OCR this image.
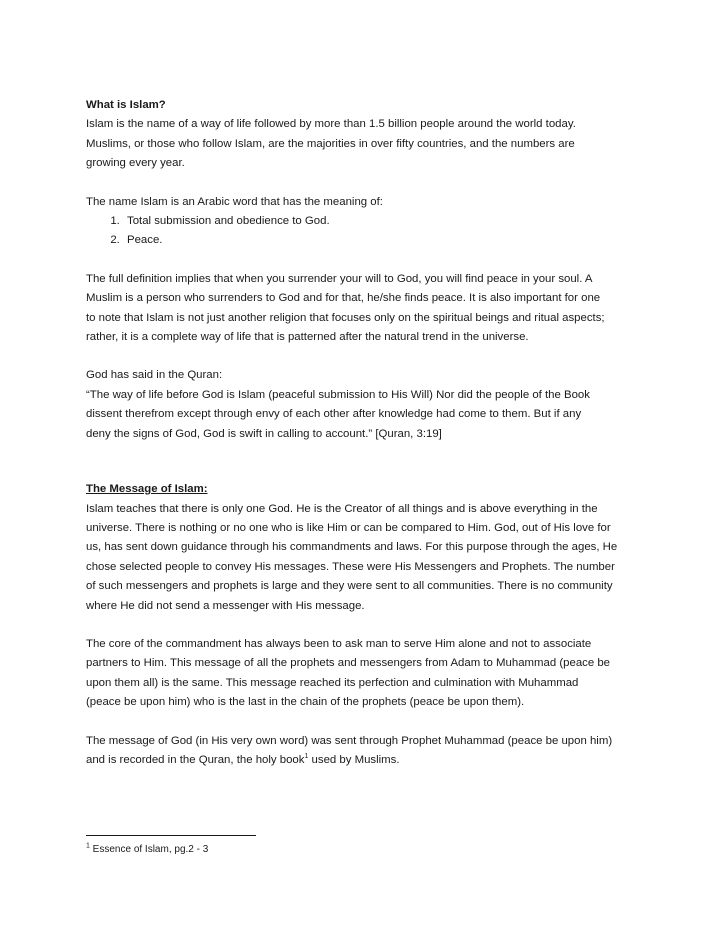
What is Islam?

Islam is the name of a way of life followed by more than 1.5 billion people around the world today.

Muslims, or those who follow Islam, are the majorities in over fifty countries, and the numbers are

growing every year.

The name Islam is an Arabic word that has the meaning of:

1. Total submission and obedience to God.
2. Peace.

The full definition implies that when you surrender your will to God, you will find peace in your soul. A

Muslim is a person who surrenders to God and for that, he/she finds peace. It is also important for one

to note that Islam is not just another religion that focuses only on the spiritual beings and ritual aspects;

rather, it is a complete way of life that is patterned after the natural trend in the universe.

God has said in the Quran:

“The way of life before God is Islam (peaceful submission to His Will) Nor did the people of the Book

dissent therefrom except through envy of each other after knowledge had come to them. But if any

deny the signs of God, God is swift in calling to account.” [Quran, 3:19]

The Message of Islam:

Islam teaches that there is only one God. He is the Creator of all things and is above everything in the

universe. There is nothing or no one who is like Him or can be compared to Him. God, out of His love for

us, has sent down guidance through his commandments and laws. For this purpose through the ages, He

chose selected people to convey His messages. These were His Messengers and Prophets. The number

of such messengers and prophets is large and they were sent to all communities. There is no community

where He did not send a messenger with His message.

The core of the commandment has always been to ask man to serve Him alone and not to associate

partners to Him. This message of all the prophets and messengers from Adam to Muhammad (peace be

upon them all) is the same. This message reached its perfection and culmination with Muhammad

(peace be upon him) who is the last in the chain of the prophets (peace be upon them).

The message of God (in His very own word) was sent through Prophet Muhammad (peace be upon him)

and is recorded in the Quran, the holy book$^1$ used by Muslims.

$^1$ Essence of Islam, pg.2 - 3
